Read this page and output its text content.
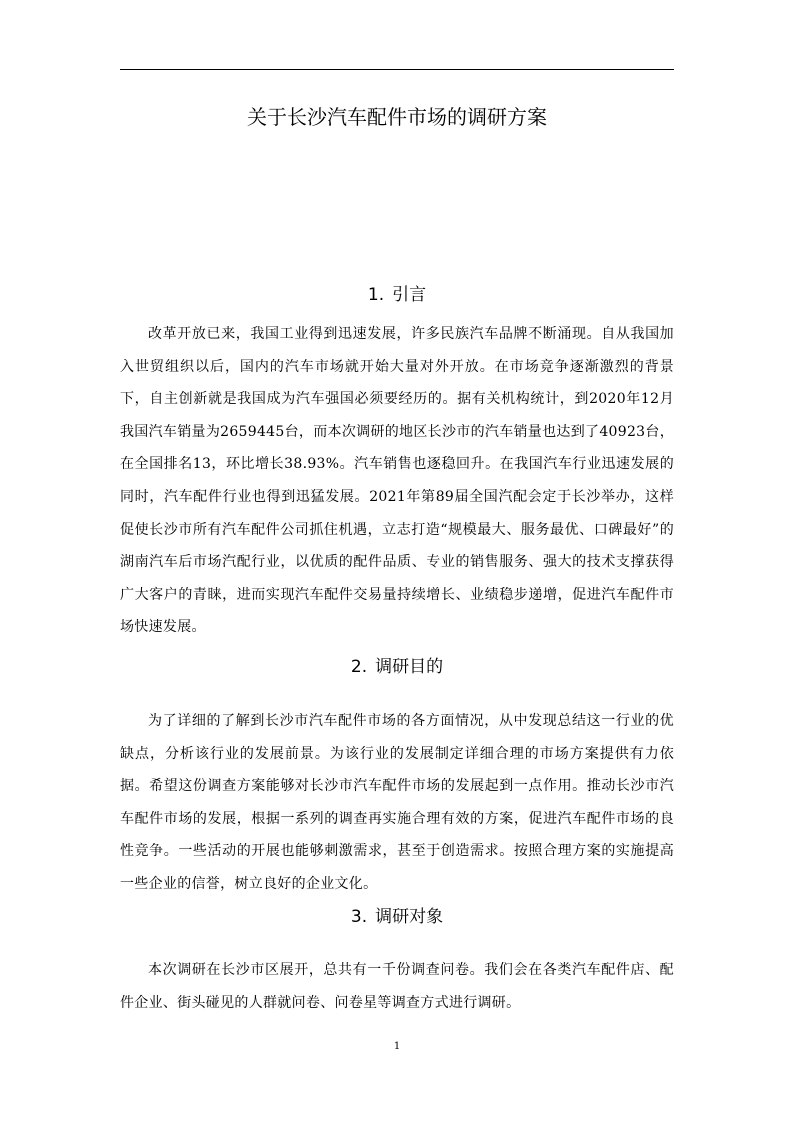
关于长沙汽车配件市场的调研方案
1. 引言

改革开放已来，我国工业得到迅速发展，许多民族汽车品牌不断涌现。自从我国加入世贸组织以后，国内的汽车市场就开始大量对外开放。在市场竞争逐渐激烈的背景下，自主创新就是我国成为汽车强国必须要经历的。据有关机构统计，到2020年12月我国汽车销量为2659445台，而本次调研的地区长沙市的汽车销量也达到了40923台，在全国排名13，环比增长38.93%。汽车销售也逐稳回升。在我国汽车行业迅速发展的同时，汽车配件行业也得到迅猛发展。2021年第89届全国汽配会定于长沙举办，这样促使长沙市所有汽车配件公司抓住机遇，立志打造“规模最大、服务最优、口碑最好”的湖南汽车后市场汽配行业，以优质的配件品质、专业的销售服务、强大的技术支撑获得广大客户的青睐，进而实现汽车配件交易量持续增长、业绩稳步递增，促进汽车配件市场快速发展。

2. 调研目的

为了详细的了解到长沙市汽车配件市场的各方面情况，从中发现总结这一行业的优缺点，分析该行业的发展前景。为该行业的发展制定详细合理的市场方案提供有力依据。希望这份调查方案能够对长沙市汽车配件市场的发展起到一点作用。推动长沙市汽车配件市场的发展，根据一系列的调查再实施合理有效的方案，促进汽车配件市场的良性竞争。一些活动的开展也能够刺激需求，甚至于创造需求。按照合理方案的实施提高一些企业的信誉，树立良好的企业文化。

3. 调研对象

本次调研在长沙市区展开，总共有一千份调查问卷。我们会在各类汽车配件店、配件企业、街头碰见的人群就问卷、问卷星等调查方式进行调研。

1
